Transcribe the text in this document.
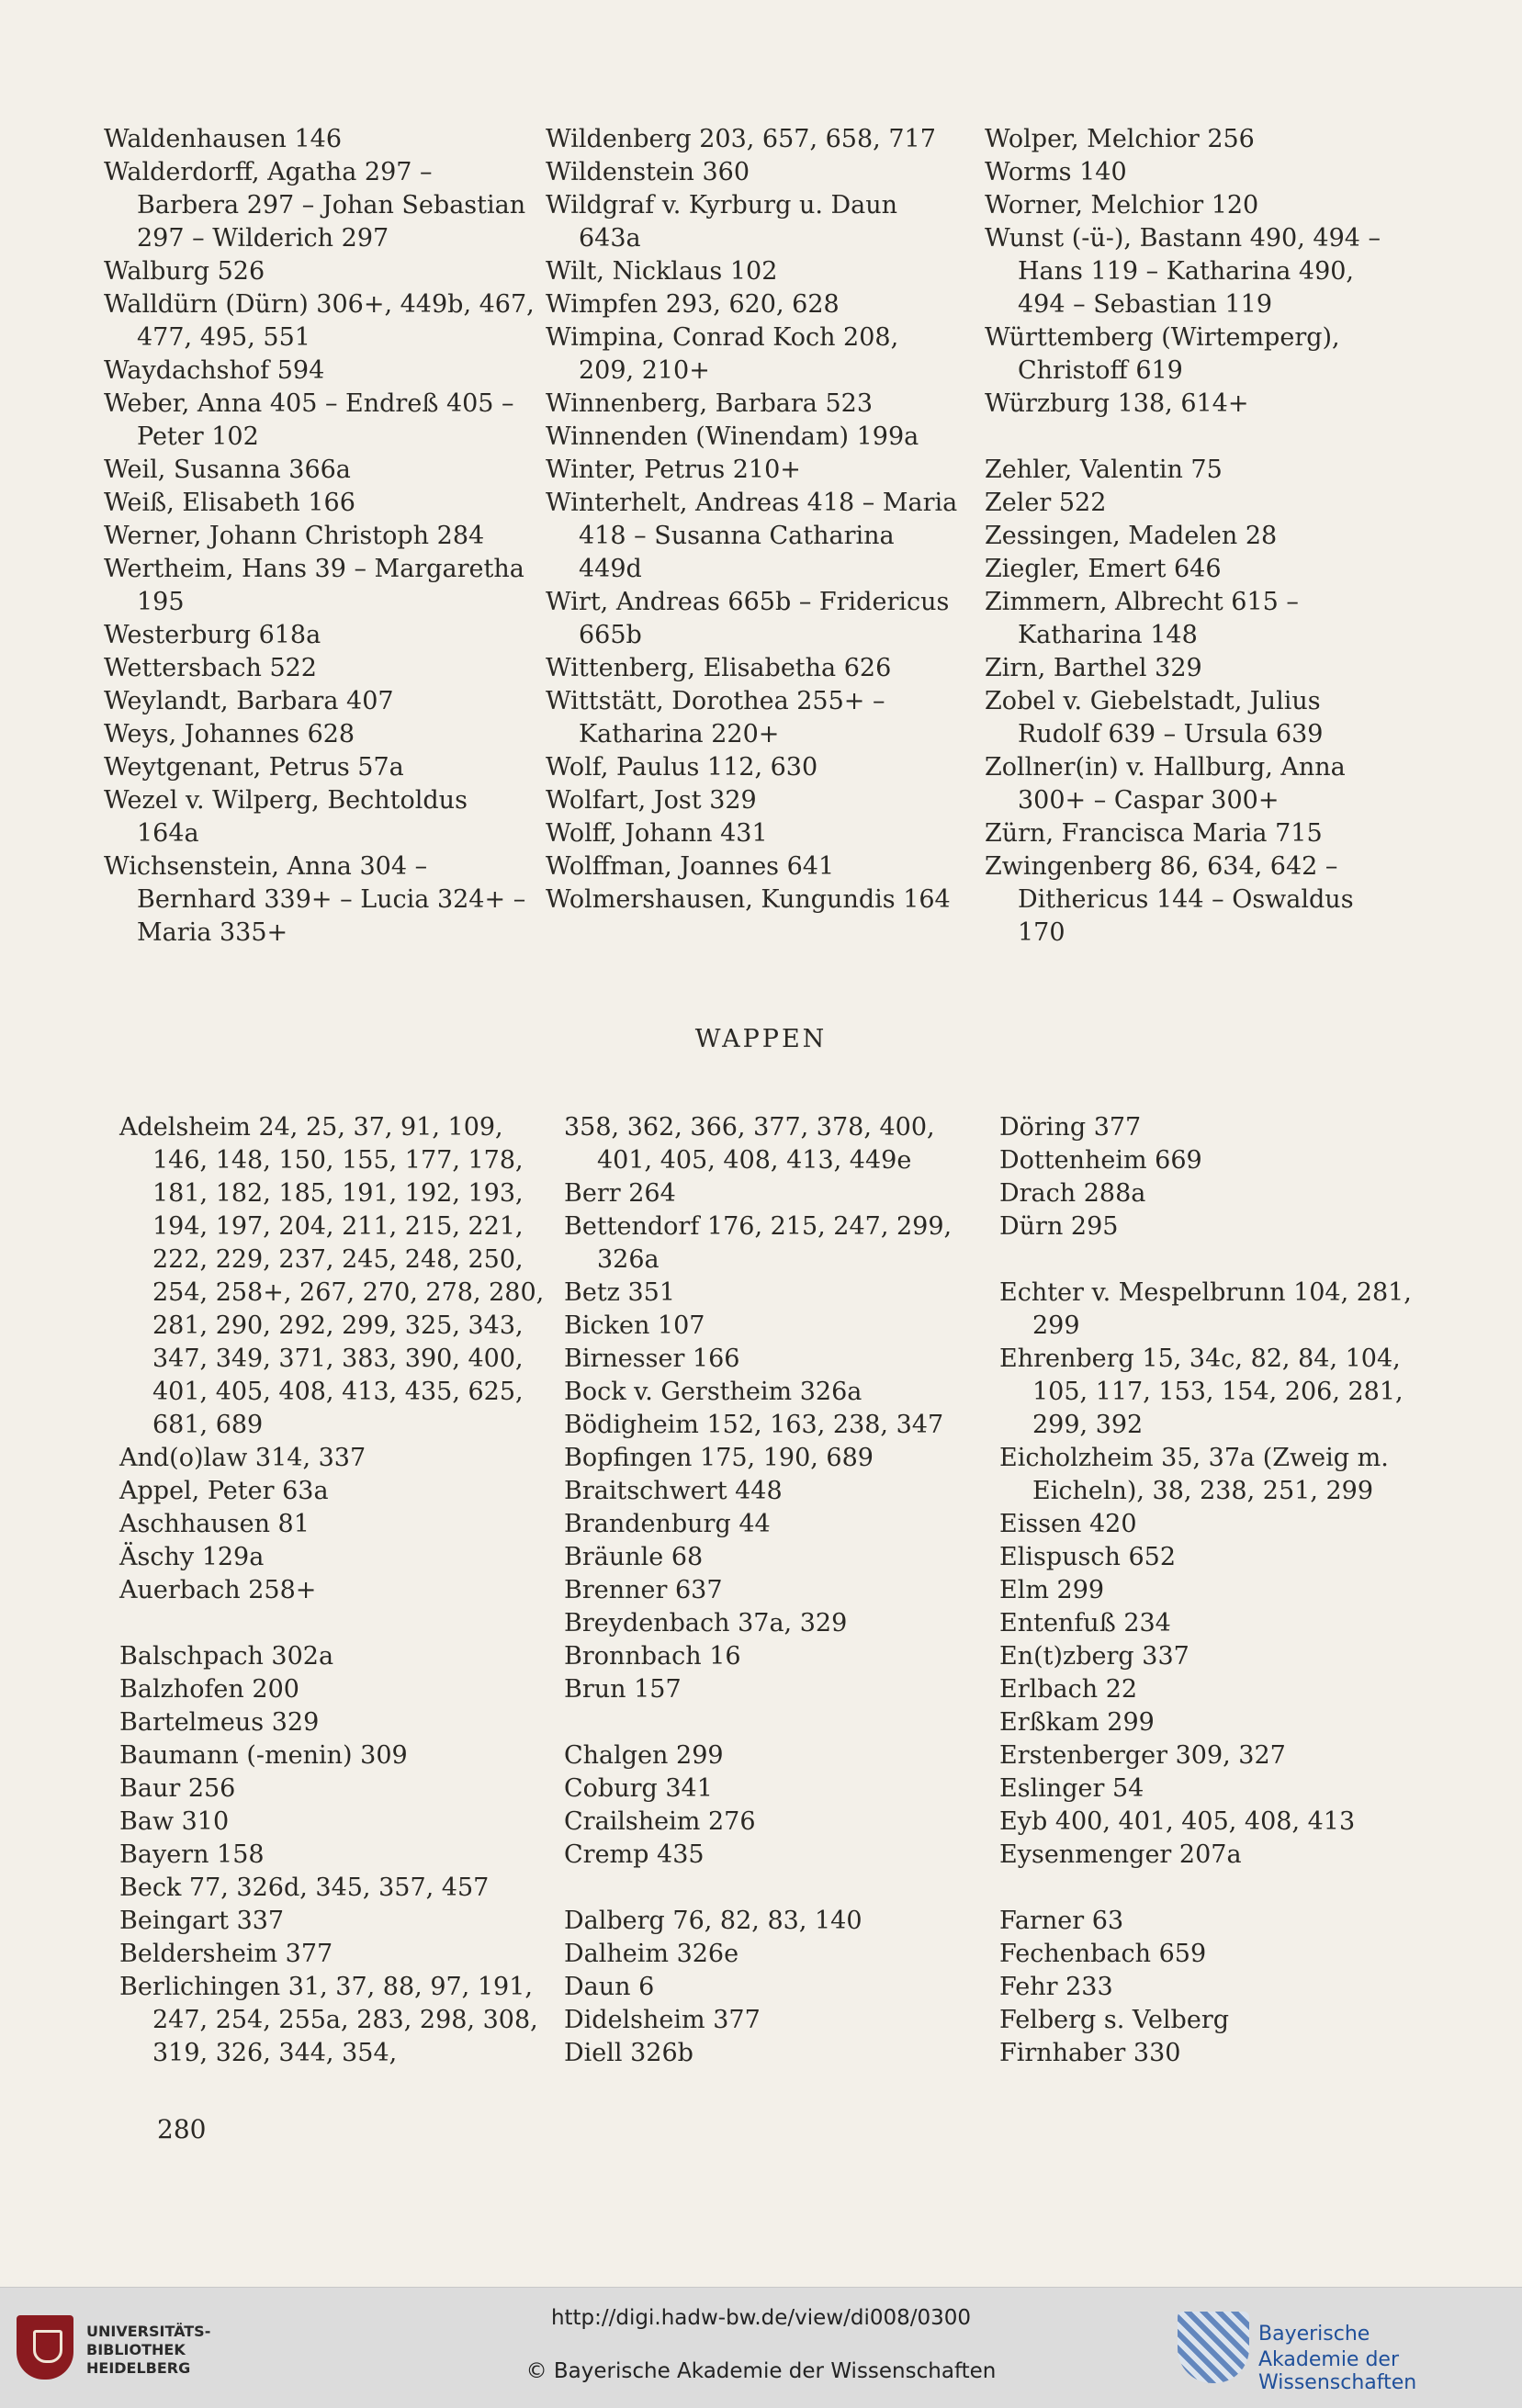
Waldenhausen 146

Walderdorff, Agatha 297 – Barbera 297 – Johan Sebastian 297 – Wilderich 297

Walburg 526

Walldürn (Dürn) 306+, 449b, 467, 477, 495, 551

Waydachshof 594

Weber, Anna 405 – Endreß 405 – Peter 102

Weil, Susanna 366a

Weiß, Elisabeth 166

Werner, Johann Christoph 284

Wertheim, Hans 39 – Margaretha 195

Westerburg 618a

Wettersbach 522

Weylandt, Barbara 407

Weys, Johannes 628

Weytgenant, Petrus 57a

Wezel v. Wilperg, Bechtoldus 164a

Wichsenstein, Anna 304 – Bernhard 339+ – Lucia 324+ – Maria 335+

Wildenberg 203, 657, 658, 717

Wildenstein 360

Wildgraf v. Kyrburg u. Daun 643a

Wilt, Nicklaus 102

Wimpfen 293, 620, 628

Wimpina, Conrad Koch 208, 209, 210+

Winnenberg, Barbara 523

Winnenden (Winendam) 199a

Winter, Petrus 210+

Winterhelt, Andreas 418 – Maria 418 – Susanna Catharina 449d

Wirt, Andreas 665b – Fridericus 665b

Wittenberg, Elisabetha 626

Wittstätt, Dorothea 255+ – Katharina 220+

Wolf, Paulus 112, 630

Wolfart, Jost 329

Wolff, Johann 431

Wolffman, Joannes 641

Wolmershausen, Kungundis 164

Wolper, Melchior 256

Worms 140

Worner, Melchior 120

Wunst (-ü-), Bastann 490, 494 – Hans 119 – Katharina 490, 494 – Sebastian 119

Württemberg (Wirtemperg), Christoff 619

Würzburg 138, 614+

Zehler, Valentin 75

Zeler 522

Zessingen, Madelen 28

Ziegler, Emert 646

Zimmern, Albrecht 615 – Katharina 148

Zirn, Barthel 329

Zobel v. Giebelstadt, Julius Rudolf 639 – Ursula 639

Zollner(in) v. Hallburg, Anna 300+ – Caspar 300+

Zürn, Francisca Maria 715

Zwingenberg 86, 634, 642 – Dithericus 144 – Oswaldus 170

WAPPEN

Adelsheim 24, 25, 37, 91, 109, 146, 148, 150, 155, 177, 178, 181, 182, 185, 191, 192, 193, 194, 197, 204, 211, 215, 221, 222, 229, 237, 245, 248, 250, 254, 258+, 267, 270, 278, 280, 281, 290, 292, 299, 325, 343, 347, 349, 371, 383, 390, 400, 401, 405, 408, 413, 435, 625, 681, 689

And(o)law 314, 337

Appel, Peter 63a

Aschhausen 81

Äschy 129a

Auerbach 258+

Balschpach 302a

Balzhofen 200

Bartelmeus 329

Baumann (-menin) 309

Baur 256

Baw 310

Bayern 158

Beck 77, 326d, 345, 357, 457

Beingart 337

Beldersheim 377

Berlichingen 31, 37, 88, 97, 191, 247, 254, 255a, 283, 298, 308, 319, 326, 344, 354,

358, 362, 366, 377, 378, 400, 401, 405, 408, 413, 449e

Berr 264

Bettendorf 176, 215, 247, 299, 326a

Betz 351

Bicken 107

Birnesser 166

Bock v. Gerstheim 326a

Bödigheim 152, 163, 238, 347

Bopfingen 175, 190, 689

Braitschwert 448

Brandenburg 44

Bräunle 68

Brenner 637

Breydenbach 37a, 329

Bronnbach 16

Brun 157

Chalgen 299

Coburg 341

Crailsheim 276

Cremp 435

Dalberg 76, 82, 83, 140

Dalheim 326e

Daun 6

Didelsheim 377

Diell 326b

Döring 377

Dottenheim 669

Drach 288a

Dürn 295

Echter v. Mespelbrunn 104, 281, 299

Ehrenberg 15, 34c, 82, 84, 104, 105, 117, 153, 154, 206, 281, 299, 392

Eicholzheim 35, 37a (Zweig m. Eicheln), 38, 238, 251, 299

Eissen 420

Elispusch 652

Elm 299

Entenfuß 234

En(t)zberg 337

Erlbach 22

Erßkam 299

Erstenberger 309, 327

Eslinger 54

Eyb 400, 401, 405, 408, 413

Eysenmenger 207a

Farner 63

Fechenbach 659

Fehr 233

Felberg s. Velberg

Firnhaber 330

280
UNIVERSITÄTS-
BIBLIOTHEK
HEIDELBERG
http://digi.hadw-bw.de/view/di008/0300
© Bayerische Akademie der Wissenschaften
Bayerische
Akademie der Wissenschaften
